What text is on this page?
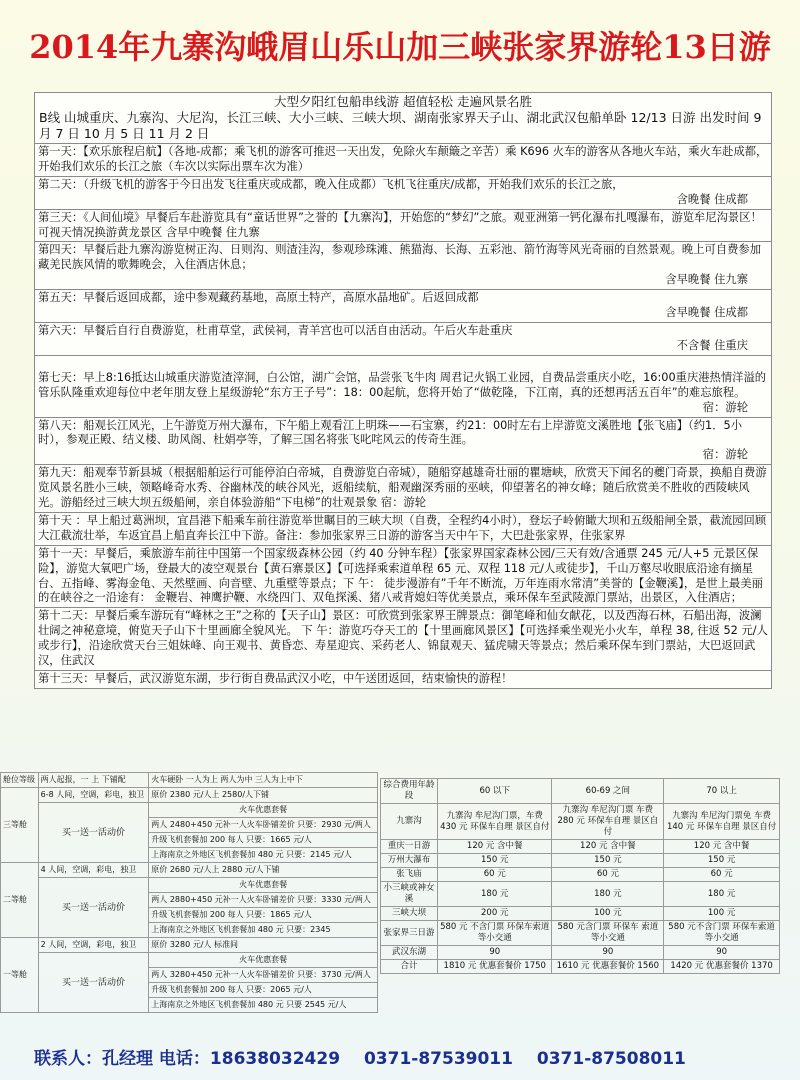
2014年九寨沟峨眉山乐山加三峡张家界游轮13日游
大型夕阳红包船串线游 超值轻松 走遍风景名胜
B线 山城重庆、九寨沟、大尼沟，长江三峡、大小三峡、三峡大坝、湖南张家界天子山、湖北武汉包船单卧 12/13 日游 出发时间 9 月 7 日 10 月 5 日 11 月 2 日
第一天：【欢乐旅程启航】（各地-成都；乘飞机的游客可推迟一天出发，免除火车颠簸之辛苦）乘 K696 火车的游客从各地火车站，乘火车赴成都，开始我们欢乐的长江之旅（车次以实际出票车次为准）
第二天：（升级飞机的游客于今日出发飞往重庆或成都，晚入住成都）飞机飞往重庆/成都，开始我们欢乐的长江之旅，
含晚餐 住成都
第三天：《人间仙境》早餐后车赴游览具有“童话世界”之誉的【九寨沟】，开始您的“梦幻”之旅。观亚洲第一钙化瀑布扎嘎瀑布，游览牟尼沟景区！ 可视天情况换游黄龙景区 含早中晚餐 住九寨
第四天：早餐后赴九寨沟游览树正沟、日则沟、则渣洼沟，参观珍珠滩、熊猫海、长海、五彩池、箭竹海等风光奇丽的自然景观。晚上可自费参加藏羌民族风情的歌舞晚会，入住酒店休息；
含早晚餐 住九寨
第五天：早餐后返回成都，途中参观藏药基地，高原土特产，高原水晶地矿。后返回成都
含早晚餐 住成都
第六天：早餐后自行自费游览，杜甫草堂，武侯祠，青羊宫也可以活自由活动。午后火车赴重庆
不含餐 住重庆
第七天：早上8:16抵达山城重庆游览渣滓洞，白公馆，湖广会馆，品尝张飞牛肉 周君记火锅工业园，自费品尝重庆小吃，16:00重庆港热情洋溢的管乐队隆重欢迎每位中老年朋友登上星级游轮“东方王子号”：18：00起航，您将开始了“做乾隆，下江南，真的还想再活五百年”的难忘旅程。
宿：游轮
第八天：船观长江风光，上午游览万州大瀑布，下午船上观看江上明珠——石宝寨，约21：00时左右上岸游览文溪胜地【张飞庙】（约1．5小时），参观正殿、结义楼、助风阁、杜娟亭等，了解三国名将张飞叱咤风云的传奇生涯。
宿：游轮
第九天：船观奉节新县城（根据船舶运行可能停泊白帝城，自费游览白帝城），随船穿越雄奇壮丽的瞿塘峡，欣赏天下闻名的夔门奇景，换船自费游览风景名胜小三峡，领略峰奇水秀、谷幽林茂的峡谷风光，返船续航，船观幽深秀丽的巫峡，仰望著名的神女峰；随后欣赏美不胜收的西陵峡风光。游船经过三峡大坝五级船闸，亲自体验游船“下电梯”的壮观景象 宿：游轮
第十天 ：早上船过葛洲坝，宜昌港下船乘车前往游览举世瞩目的三峡大坝（自费，全程约4小时），登坛子岭俯瞰大坝和五级船闸全景，截流园回顾大江截流壮举，车返宜昌上船直奔长江中下游。备注：参加张家界三日游的游客当天中午下，大巴赴张家界，住张家界
第十一天：早餐后，乘旅游车前往中国第一个国家级森林公园（约 40 分钟车程）【张家界国家森林公园/三天有效/含通票 245 元/人+5 元景区保险】，游览大氧吧广场，登最大的凌空观景台【黄石寨景区】【可选择乘索道单程 65 元、双程 118 元/人或徒步】，千山万壑尽收眼底沿途有摘星台、五指峰、雾海金龟、天然壁画、向音壁、九重壁等景点；下 午： 徒步漫游有”千年不断流，万年连雨水常清”美誉的【金鞭溪】，是世上最美丽的在峡谷之一沿途有： 金鞭岩、神鹰护鞭、水绕四门、双龟探溪、猪八戒背媳妇等优美景点，乘环保车至武陵源门票站，出景区，入住酒店；
第十二天：早餐后乘车游玩有“峰林之王”之称的【天子山】景区：可欣赏到张家界王牌景点：御笔峰和仙女献花，以及西海石林，石船出海，波澜壮阔之神秘意境，俯览天子山下十里画廊全貌风光。 下 午：游览巧夺天工的【十里画廊风景区】【可选择乘坐观光小火车，单程 38, 往返 52 元/人或步行】，沿途欣赏天台三姐妹峰、向王观书、黄昏恋、寿星迎宾、采药老人、锦鼠观天、猛虎啸天等景点；然后乘环保车到门票站，大巴返回武汉，住武汉
第十三天：早餐后，武汉游览东湖，步行街自费品武汉小吃，中午送团返回，结束愉快的游程！
舱位等级	两人起报，一 上 下铺配	火车硬卧 一人为上 两人为中 三人为上中下
三等舱	6-8 人间，空调，彩电，独卫	原价 2380 元/人上 2580/人下铺
	买一送一活动价	火车优惠套餐
		两人 2480+450 元补一人火车卧铺差价 只要：2930 元/两人
		升级飞机套餐加 200 每人 只要：1665 元/人
		上海南京之外地区飞机套餐加 480 元 只要：2145 元/人
二等舱	4 人间，空调，彩电，独卫	原价 2680 元/人上 2880 元/人下铺
	买一送一活动价	火车优惠套餐
		两人 2880+450 元补一人火车卧铺差价 只要：3330 元/两人
		升级飞机套餐加 200 每人 只要：1865 元/人
		上海南京之外地区飞机套餐加 480 元 只要：2345
一等舱	2 人间，空调，彩电，独卫	原价 3280 元/人 标准间
	买一送一活动价	火车优惠套餐
		两人 3280+450 元补一人火车卧铺差价 只要：3730 元/两人
		升级飞机套餐加 200 每人 只要：2065 元/人
		上海南京之外地区飞机套餐加 480 元 只要 2545 元/人
综合费用年龄段	60 以下	60-69 之间	70 以上
九寨沟	九寨沟 牟尼沟门票，车费 430 元 环保车自理 景区自付	九寨沟 牟尼沟门票 车费 280 元 环保车自理 景区自付	九寨沟 牟尼沟门票免 车费 140 元 环保车自理 景区自付
重庆一日游	120 元 含中餐	120 元 含中餐	120 元 含中餐
万州大瀑布	150 元	150 元	150 元
张飞庙	60 元	60 元	60 元
小三峡或神女溪	180 元	180 元	180 元
三峡大坝	200 元	100 元	100 元
张家界三日游	580 元 不含门票 环保车索道等小交通	580 元含门票 环保车 索道等小交通	580 元不含门票 环保车索道等小交通
武汉东湖	90	90	90
合计	1810 元 优惠套餐价 1750	1610 元 优惠套餐价 1560	1420 元 优惠套餐价 1370
联系人：孔经理 电话：18638032429 0371-87539011 0371-87508011
